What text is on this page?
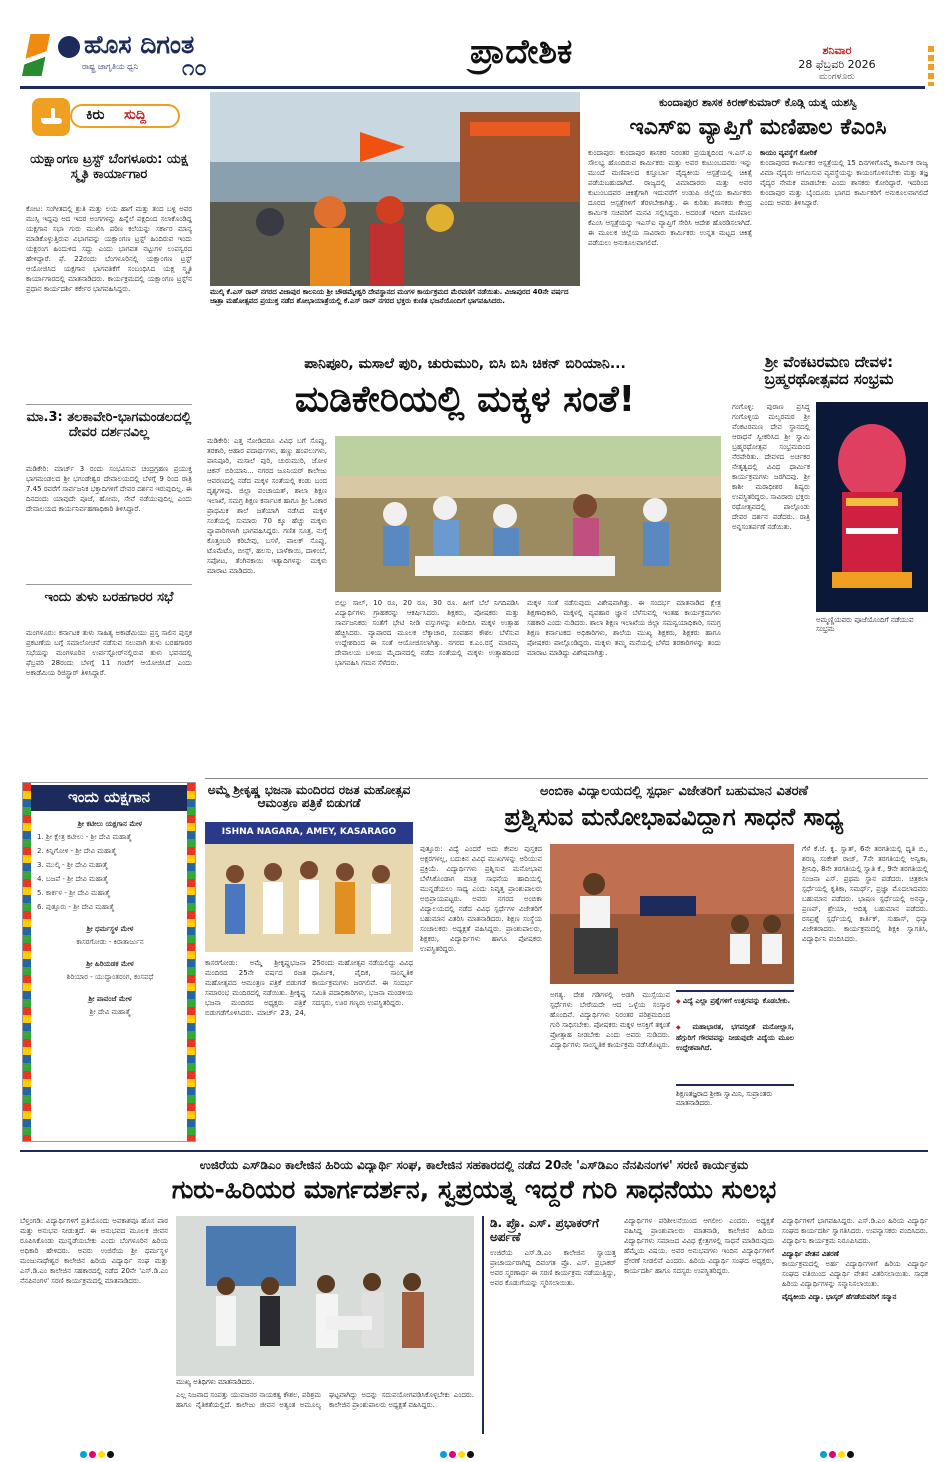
ಹೊಸ ದಿಗಂತ
ರಾಷ್ಟ್ರ ಜಾಗೃತಿಯ ಧ್ವನಿ ೧೦	ಪ್ರಾದೇಶಿಕ	ಶನಿವಾರ
28 ಫೆಬ್ರವರಿ 2026
ಮಂಗಳೂರು
ಕಿರು ಸುದ್ದಿ
ಯಕ್ಷಾಂಗಣ ಟ್ರಸ್ಟ್ ಬೆಂಗಳೂರು: ಯಕ್ಷ ಸ್ಮೃತಿ ಕಾರ್ಯಾಗಾರ
ಕೋಟ: ಸಂಗೀತದಲ್ಲಿ ಶ್ರುತಿ ಮತ್ತು ಲಯ ಹಾಗೆ ಮತ್ತು ತಂದ ಬಳ್ಳಿ ಅವರ ಮುಸ್ಸಿ ಇದ್ದವು ಅದ ಇದರ ಅಂಗಗಳನ್ನು ಹಿನ್ನೆಲೆ ಪಕ್ಷದಿಂದ ಸಲಾಕೊಂಡಿದ್ದ ಯಕ್ಷಗಾನ ಸಭಾ ಗುರು ಮುಖಿಸಿ ಪರಿಣ ಕಲೆಯನ್ನು ಸರ್ಕಾರ ಮಾನ್ಯ ಮಾಡಿಕೊಳ್ಳುತ್ತಿರುವ ವಿಭಾಗವನ್ನು ಯಕ್ಷಾಂಗಣ ಟ್ರಸ್ಟ್ ಹಿಂದಿರುವ ಇಂದು ಯಕ್ಷರಂಗ ಹಿಂದುಳಿದ ಸದ್ದು ಎಂದು ಭಾಗವತ ನಟ್ಟುಗಳ ಲುಪಸ್ವರದ ಹೇಳಿದ್ದಾರೆ. ಫೆ. 22ರಂದು ಬೆಂಗಳೂರಿನಲ್ಲಿ ಯಕ್ಷಾಂಗಣ ಟ್ರಸ್ಟ್ ಆಯೋಜಿಸಿದ ಯಕ್ಷಗಾನ ಭಾಗವತಿಕೆಗೆ ಸಂಬಂಧಿಸಿದ ಯಕ್ಷ ಸ್ಮೃತಿ ಕಾರ್ಯಾಗಾರದಲ್ಲಿ ಮಾತನಾಡಿದರು. ಕಾರ್ಯಕ್ರಮದಲ್ಲಿ ಯಕ್ಷಾಂಗಣ ಟ್ರಸ್ಟ್‌ನ ಪ್ರಧಾನ ಕಾರ್ಯದರ್ಶಿ ಕರ್ಕೇರ ಭಾಗವಹಿಸಿದ್ದರು.
ಮಾ.3: ತಲಕಾವೇರಿ-ಭಾಗಮಂಡಲದಲ್ಲಿ ದೇವರ ದರ್ಶನವಿಲ್ಲ
ಮಡಿಕೇರಿ: ಮಾರ್ಚ್ 3 ರಂದು ಸಂಭವಿಸುವ ಚಂದ್ರಗ್ರಹಣ ಪ್ರಯುಕ್ತ ಭಾಗಮಂಡಲದ ಶ್ರೀ ಭಗಂಡೇಶ್ವರ ದೇವಾಲಯದಲ್ಲಿ ಬೆಳಗ್ಗೆ 9 ರಿಂದ ರಾತ್ರಿ 7.45 ರವರೆಗೆ ಸಾರ್ವಜನಿಕ ಭಕ್ತಾದಿಗಳಿಗೆ ದೇವರ ದರ್ಶನ ಇರುವುದಿಲ್ಲ. ಈ ದಿನದಂದು ಯಾವುದೇ ಪೂಜೆ, ಹೋಮ, ಸೇವೆ ನಡೆಯುವುದಿಲ್ಲ ಎಂದು ದೇವಾಲಯದ ಕಾರ್ಯನಿರ್ವಹಣಾಧಿಕಾರಿ ತಿಳಿಸಿದ್ದಾರೆ.
ಇಂದು ತುಳು ಬರಹಗಾರರ ಸಭೆ
ಮಂಗಳೂರು: ಕರ್ನಾಟಕ ತುಳು ಸಾಹಿತ್ಯ ಅಕಾಡೆಮಿಯು ಪ್ರಸ್ತ ಸಾಲಿನ ಪುಸ್ತಕ ಪ್ರಕಟಣೆಯ ಬಗ್ಗೆ ಸಮಾಲೋಚನೆ ನಡೆಸುವ ಸಲುವಾಗಿ ತುಳು ಬರಹಗಾರರ ಸಭೆಯನ್ನು ಮಂಗಳೂರಿನ ಉರ್ವಸ್ಟೋರ್‌ನಲ್ಲಿರುವ ತುಳು ಭವನದಲ್ಲಿ ಫೆಬ್ರವರಿ 28ರಂದು ಬೆಳಗ್ಗೆ 11 ಗಂಟೆಗೆ ಆಯೋಜಿಸಿದೆ ಎಂದು ಅಕಾಡೆಮಿಯ ರಿಜಿಸ್ಟ್ರಾರ್ ತಿಳಿಸಿದ್ದಾರೆ.
ಇಂದು ಯಕ್ಷಗಾನ
ಶ್ರೀ ಕಟೀಲು ಯಕ್ಷಗಾನ ಮೇಳ
1. ಶ್ರೀ ಕ್ಷೇತ್ರ ಕಟೀಲು - ಶ್ರೀ ದೇವಿ ಮಹಾತ್ಮೆ
2. ಕಿನ್ನಿಗೋಳಿ - ಶ್ರೀ ದೇವಿ ಮಹಾತ್ಮೆ
3. ಮುಲ್ಕಿ - ಶ್ರೀ ದೇವಿ ಮಹಾತ್ಮೆ
4. ಬಜಪೆ - ಶ್ರೀ ದೇವಿ ಮಹಾತ್ಮೆ
5. ಕಾರ್ಕಳ - ಶ್ರೀ ದೇವಿ ಮಹಾತ್ಮೆ
6. ಪುತ್ತೂರು - ಶ್ರೀ ದೇವಿ ಮಹಾತ್ಮೆ
ಶ್ರೀ ಧರ್ಮಸ್ಥಳ ಮೇಳ
ಕಾಸರಗೋಡು - ಕಿರಾತಾರ್ಜುನ
ಶ್ರೀ ಹಿರಿಯಡಕ ಮೇಳ
ಶಿರಿಯಾರ - ಯುದ್ಧಾಂತರಂಗ, ಕಂಸವಧೆ
ಶ್ರೀ ಪಾವಂಜೆ ಮೇಳ
ಶ್ರೀ ದೇವಿ ಮಹಾತ್ಮೆ
ಮುಲ್ಕಿ ಕೆ.ಎಸ್ ರಾವ್ ನಗರದ ವಿಜಾಪುರ ಕಾಲನಿಯ ಶ್ರೀ ಚೌಡಮ್ಮೇಶ್ವರಿ ದೇವಸ್ಥಾನದ ಮಂಗಳ ಕಾರ್ಯಕ್ರಮದ ಮೆರವಣಿಗೆ ನಡೆಯಿತು. ವಿಜಾಪುರದ 40ನೇ ವರ್ಷದ ಜಾತ್ರಾ ಮಹೋತ್ಸವದ ಪ್ರಯುಕ್ತ ನಡೆದ ಶೋಭಾಯಾತ್ರೆಯಲ್ಲಿ ಕೆ.ಎಸ್ ರಾವ್ ನಗರದ ಭಕ್ತರು ಕುಣಿತ ಭಜನೆಯೊಂದಿಗೆ ಭಾಗವಹಿಸಿದರು.
ಕುಂದಾಪುರ ಶಾಸಕ ಕಿರಣ್‌ಕುಮಾರ್ ಕೊಡ್ಗಿ ಯತ್ನ ಯಶಸ್ವಿ
ಇಎಸ್ಐ ವ್ಯಾಪ್ತಿಗೆ ಮಣಿಪಾಲ ಕೆಎಂಸಿ
ಕುಂದಾಪುರ: ಕುಂದಾಪುರ ಶಾಸಕರ ನಿರಂತರ ಪ್ರಯತ್ನದಿಂದ ಇ.ಎಸ್.ಐ ಸೌಲಭ್ಯ ಹೊಂದಿರುವ ಕಾರ್ಮಿಕರು ಮತ್ತು ಅವರ ಕುಟುಂಬದವರು ಇನ್ನು ಮುಂದೆ ಮಣಿಪಾಲದ ಕಸ್ತೂರ್ಬಾ ವೈದ್ಯಕೀಯ ಆಸ್ಪತ್ರೆಯಲ್ಲಿ ಚಿಕಿತ್ಸೆ ಪಡೆಯಬಹುದಾಗಿದೆ. ರಾಜ್ಯದಲ್ಲಿ ವಿಮಾದಾರರು ಮತ್ತು ಅವರ ಕುಟುಂಬದವರ ಚಿಕಿತ್ಸೆಗಾಗಿ ಇದುವರೆಗೆ ಉಡುಪಿ ಜಿಲ್ಲೆಯ ಕಾರ್ಮಿಕರು ದೂರದ ಆಸ್ಪತ್ರೆಗಳಿಗೆ ತೆರಳಬೇಕಾಗಿತ್ತು. ಈ ಕುರಿತು ಶಾಸಕರು ಕೇಂದ್ರ ಕಾರ್ಮಿಕ ಸಚಿವರಿಗೆ ಮನವಿ ಸಲ್ಲಿಸಿದ್ದರು. ಅದರಂತೆ ಇದೀಗ ಮಣಿಪಾಲ ಕೆಎಂಸಿ ಆಸ್ಪತ್ರೆಯನ್ನು ಇಎಸ್ಐ ವ್ಯಾಪ್ತಿಗೆ ಸೇರಿಸಿ ಆದೇಶ ಹೊರಡಿಸಲಾಗಿದೆ. ಈ ಮೂಲಕ ಜಿಲ್ಲೆಯ ಸಾವಿರಾರು ಕಾರ್ಮಿಕರು ಉನ್ನತ ಮಟ್ಟದ ಚಿಕಿತ್ಸೆ ಪಡೆಯಲು ಅನುಕೂಲವಾಗಲಿದೆ.
ಕಾಯಂ ವ್ಯವಸ್ಥೆಗೆ ಕೋರಿಕೆ
ಕುಂದಾಪುರದ ಕಾರ್ಮಿಕರ ಆಸ್ಪತ್ರೆಯಲ್ಲಿ 15 ದಿನಗಳಿಗೊಮ್ಮೆ ಕಾರ್ಮಿಕ ರಾಜ್ಯ ವಿಮಾ ವೈದ್ಯರು ಆಗಮಿಸುವ ವ್ಯವಸ್ಥೆಯನ್ನು ಕಾಯಂಗೊಳಿಸಬೇಕು ಮತ್ತು ತಜ್ಞ ವೈದ್ಯರ ನೇಮಕ ಮಾಡಬೇಕು ಎಂದು ಶಾಸಕರು ಕೋರಿದ್ದಾರೆ. ಇದರಿಂದ ಕುಂದಾಪುರ ಮತ್ತು ಬೈಂದೂರು ಭಾಗದ ಕಾರ್ಮಿಕರಿಗೆ ಅನುಕೂಲವಾಗಲಿದೆ ಎಂದು ಅವರು ತಿಳಿಸಿದ್ದಾರೆ.
ಪಾನಿಪೂರಿ, ಮಸಾಲೆ ಪುರಿ, ಚುರುಮುರಿ, ಬಿಸಿ ಬಿಸಿ ಚಿಕನ್ ಬಿರಿಯಾನಿ...
ಮಡಿಕೇರಿಯಲ್ಲಿ ಮಕ್ಕಳ ಸಂತೆ!
ಮಡಿಕೇರಿ: ಎತ್ತ ನೋಡಿದರೂ ವಿವಿಧ ಬಗೆ ಸೊಪ್ಪು, ತರಕಾರಿ, ಆಹಾರ ಪದಾರ್ಥಗಳು, ಹಣ್ಣು ಹಂಪಲುಗಳು, ಪಾನಿಪೂರಿ, ಮಸಾಲೆ ಪುರಿ, ಚುರುಮುರಿ, ಜೋಳ ಚಿಕನ್ ಬಿರಿಯಾನಿ... ನಗರದ ಜೂನಿಯರ್ ಕಾಲೇಜು ಆವರಣದಲ್ಲಿ ನಡೆದ ಮಕ್ಕಳ ಸಂತೆಯಲ್ಲಿ ಕಂಡು ಬಂದ ದೃಶ್ಯಗಳಿವು. ಜಿಲ್ಲಾ ಪಂಚಾಯತ್, ಶಾಲಾ ಶಿಕ್ಷಣ ಇಲಾಖೆ, ಸಮಗ್ರ ಶಿಕ್ಷಣ ಕರ್ನಾಟಕ ಹಾಗೂ ಶ್ರೀ ಓಂಕಾರ ಪ್ರಾಥಮಿಕ ಶಾಲೆ ಜತೆಯಾಗಿ ನಡೆಸಿದ ಮಕ್ಕಳ ಸಂತೆಯಲ್ಲಿ ಸುಮಾರು 70 ಕ್ಕೂ ಹೆಚ್ಚು ಮಕ್ಕಳು ವ್ಯಾಪಾರಿಗಳಾಗಿ ಭಾಗವಹಿಸಿದ್ದರು. ಗಣಿತ ಸೂತ್ರ, ನುಗ್ಗೆ ಕೊತ್ತಂಬರಿ ಕರಿಬೇವು, ಬಸಳೆ, ಪಾಲಕ್ ಸೊಪ್ಪು, ಟೊಮೆಟೊ, ಬೀನ್ಸ್, ಹಲಸು, ಬಾಳೆಕಾಯಿ, ದಾಳಿಂಬೆ, ಸಪೋಟ, ತೆಂಗಿನಕಾಯಿ ಇತ್ಯಾದಿಗಳನ್ನು ಮಕ್ಕಳು ಮಾರಾಟ ಮಾಡಿದರು.
ಬಿಲ್ಲು ಸಾಲ್, 10 ರೂ, 20 ರೂ, 30 ರೂ. ಹೀಗೆ ಬೆಲೆ ನಿಗದಿಪಡಿಸಿ ವಿದ್ಯಾರ್ಥಿಗಳು ಗ್ರಾಹಕರನ್ನು ಆಕರ್ಷಿಸಿದರು. ಶಿಕ್ಷಕರು, ಪೋಷಕರು ಮತ್ತು ಸಾರ್ವಜನಿಕರು ಸಂತೆಗೆ ಭೇಟಿ ನೀಡಿ ವಸ್ತುಗಳನ್ನು ಖರೀದಿಸಿ ಮಕ್ಕಳ ಉತ್ಸಾಹ ಹೆಚ್ಚಿಸಿದರು. ವ್ಯಾಪಾರದ ಮೂಲಕ ಲೆಕ್ಕಾಚಾರ, ಸಂವಹನ ಕೌಶಲ ಬೆಳೆಸುವ ಉದ್ದೇಶದಿಂದ ಈ ಸಂತೆ ಆಯೋಜಿಸಲಾಗಿತ್ತು. ನಗರದ ಕ.ಎಂ.ರಸ್ತೆ ಮಾರಮ್ಮ ದೇವಾಲಯ ಬಳಿಯ ಮೈದಾನದಲ್ಲಿ ನಡೆದ ಸಂತೆಯಲ್ಲಿ ಮಕ್ಕಳು ಉತ್ಸಾಹದಿಂದ ಭಾಗವಹಿಸಿ ಗಮನ ಸೆಳೆದರು.
ಮಕ್ಕಳ ಸಂತೆ ನಡೆಸುವುದು ವಿಶೇಷವಾಗಿತ್ತು. ಈ ಸಂದರ್ಭ ಮಾತನಾಡಿದ ಕ್ಷೇತ್ರ ಶಿಕ್ಷಣಾಧಿಕಾರಿ, ಮಕ್ಕಳಲ್ಲಿ ವ್ಯವಹಾರ ಜ್ಞಾನ ಬೆಳೆಸುವಲ್ಲಿ ಇಂತಹ ಕಾರ್ಯಕ್ರಮಗಳು ಸಹಕಾರಿ ಎಂದು ನುಡಿದರು. ಶಾಲಾ ಶಿಕ್ಷಣ ಇಲಾಖೆಯ ಜಿಲ್ಲಾ ಸಮನ್ವಯಾಧಿಕಾರಿ, ಸಮಗ್ರ ಶಿಕ್ಷಣ ಕರ್ನಾಟಕದ ಅಧಿಕಾರಿಗಳು, ಶಾಲೆಯ ಮುಖ್ಯ ಶಿಕ್ಷಕರು, ಶಿಕ್ಷಕರು ಹಾಗೂ ಪೋಷಕರು ಪಾಲ್ಗೊಂಡಿದ್ದರು. ಮಕ್ಕಳು ತಮ್ಮ ಮನೆಯಲ್ಲಿ ಬೆಳೆದ ತರಕಾರಿಗಳನ್ನು ತಂದು ಮಾರಾಟ ಮಾಡಿದ್ದು ವಿಶೇಷವಾಗಿತ್ತು.
ಶ್ರೀ ವೆಂಕಟರಮಣ ದೇವಳ: ಬ್ರಹ್ಮರಥೋತ್ಸವದ ಸಂಭ್ರಮ
ಗಂಗೊಳ್ಳಿ: ಪುರಾಣ ಪ್ರಸಿದ್ಧ ಗಂಗೊಳ್ಳಿಯ ಮಲ್ಯರಮಠ ಶ್ರೀ ವೆಂಕಟರಮಣ ದೇವ ಸ್ಥಾನದಲ್ಲಿ ಆರಾಧನೆ ಸ್ವೀಕರಿಸಿದ ಶ್ರೀ ಸ್ವಾಮಿ ಬ್ರಹ್ಮರಥೋತ್ಸವ ಸಂಭ್ರಮದಿಂದ ನೆರವೇರಿತು. ದೇವಳದ ಅರ್ಚಕರ ನೇತೃತ್ವದಲ್ಲಿ ವಿವಿಧ ಧಾರ್ಮಿಕ ಕಾರ್ಯಕ್ರಮಗಳು ಜರಗಿದವು. ಶ್ರೀ ಕಾಶೀ ಮಠಾಧೀಶರ ಶಿಷ್ಯರು ಉಪಸ್ಥಿತರಿದ್ದರು. ಸಾವಿರಾರು ಭಕ್ತರು ರಥೋತ್ಸವದಲ್ಲಿ ಪಾಲ್ಗೊಂಡು ದೇವರ ದರ್ಶನ ಪಡೆದರು. ರಾತ್ರಿ ಅನ್ನಸಂತರ್ಪಣೆ ನಡೆಯಿತು.
ಅಮ್ಮಣ್ಣಿಯವರು ಪೂಜೆಯೊಂದಿಗೆ ನಡೆಯುವ ಸಂಭ್ರಮ
ಅಮ್ಮೆ ಶ್ರೀಕೃಷ್ಣ ಭಜನಾ ಮಂದಿರದ ರಜತ ಮಹೋತ್ಸವ ಆಮಂತ್ರಣ ಪತ್ರಿಕೆ ಬಿಡುಗಡೆ
ISHNA NAGARA, AMEY, KASARAGO
ಕಾಸರಗೋಡು: ಅಮ್ಮೆ ಶ್ರೀಕೃಷ್ಣಭಜನಾ ಮಂದಿರದ 25ನೇ ವರ್ಷದ ರಜತ ಮಹೋತ್ಸವದ ಆಮಂತ್ರಣ ಪತ್ರಿಕೆ ಬಿಡುಗಡೆ ಸಮಾರಂಭ ಮಂದಿರದಲ್ಲಿ ನಡೆಯಿತು. ಶ್ರೀಕೃಷ್ಣ ಭಜನಾ ಮಂದಿರದ ಅಧ್ಯಕ್ಷರು ಪತ್ರಿಕೆ ಬಿಡುಗಡೆಗೊಳಿಸಿದರು. ಮಾರ್ಚ್ 23, 24, 25ರಂದು ಮಹೋತ್ಸವ ನಡೆಯಲಿದ್ದು ವಿವಿಧ ಧಾರ್ಮಿಕ, ವೈದಿಕ, ಸಾಂಸ್ಕೃತಿಕ ಕಾರ್ಯಕ್ರಮಗಳು ಜರಗಲಿವೆ. ಈ ಸಂದರ್ಭ ಸಮಿತಿ ಪದಾಧಿಕಾರಿಗಳು, ಭಜನಾ ಮಂಡಳಿಯ ಸದಸ್ಯರು, ಊರ ಗಣ್ಯರು ಉಪಸ್ಥಿತರಿದ್ದರು.
ಅಂಬಿಕಾ ವಿದ್ಯಾಲಯದಲ್ಲಿ ಸ್ಪರ್ಧಾ ವಿಜೇತರಿಗೆ ಬಹುಮಾನ ವಿತರಣೆ
ಪ್ರಶ್ನಿಸುವ ಮನೋಭಾವವಿದ್ದಾಗ ಸಾಧನೆ ಸಾಧ್ಯ
ಪುತ್ತೂರು: ವಿದ್ಯೆ ಎಂದರೆ ಅದು ಕೇವಲ ಪುಸ್ತಕದ ಅಕ್ಷರಗಳಲ್ಲ, ಬದುಕಿನ ವಿವಿಧ ಮುಖಗಳನ್ನು ಅರಿಯುವ ಪ್ರಕ್ರಿಯೆ. ವಿದ್ಯಾರ್ಥಿಗಳು ಪ್ರಶ್ನಿಸುವ ಮನೋಭಾವ ಬೆಳೆಸಿಕೊಂಡಾಗ ಮಾತ್ರ ಸಾಧನೆಯ ಹಾದಿಯಲ್ಲಿ ಮುನ್ನಡೆಯಲು ಸಾಧ್ಯ ಎಂದು ನಿವೃತ್ತ ಪ್ರಾಂಶುಪಾಲರು ಅಭಿಪ್ರಾಯಪಟ್ಟರು. ಅವರು ನಗರದ ಅಂಬಿಕಾ ವಿದ್ಯಾಲಯದಲ್ಲಿ ನಡೆದ ವಿವಿಧ ಸ್ಪರ್ಧೆಗಳ ವಿಜೇತರಿಗೆ ಬಹುಮಾನ ವಿತರಿಸಿ ಮಾತನಾಡಿದರು. ಶಿಕ್ಷಣ ಸಂಸ್ಥೆಯ ಸಂಚಾಲಕರು ಅಧ್ಯಕ್ಷತೆ ವಹಿಸಿದ್ದರು. ಪ್ರಾಂಶುಪಾಲರು, ಶಿಕ್ಷಕರು, ವಿದ್ಯಾರ್ಥಿಗಳು ಹಾಗೂ ಪೋಷಕರು ಉಪಸ್ಥಿತರಿದ್ದರು.
ಅಗತ್ಯ. ದೇಶ ಗಡಿಗಳಲ್ಲಿ ಅಡಗಿ ಮುಸ್ಸೆಯುವ ಸ್ಪರ್ಧೆಗಳು ಬೇರೆಯದೇ ಆದ ಒಳ್ಳೆಯ ಸಂಸ್ಕಾರ ಹೊಂದಿವೆ. ವಿದ್ಯಾರ್ಥಿಗಳು ನಿರಂತರ ಪರಿಶ್ರಮದಿಂದ ಗುರಿ ಸಾಧಿಸಬೇಕು. ಪೋಷಕರು ಮಕ್ಕಳ ಆಸಕ್ತಿಗೆ ತಕ್ಕಂತೆ ಪ್ರೋತ್ಸಾಹ ನೀಡಬೇಕು ಎಂದು ಅವರು ನುಡಿದರು. ವಿದ್ಯಾರ್ಥಿಗಳು ಸಾಂಸ್ಕೃತಿಕ ಕಾರ್ಯಕ್ರಮ ನಡೆಸಿಕೊಟ್ಟರು.
◆ ವಿದ್ಯೆ ಎಲ್ಲಾ ಪ್ರಶ್ನೆಗಳಿಗೆ ಉತ್ತರವನ್ನು ಕೊಡಬೇಕು.
◆ ಮಹಾಭಾರತ, ಭಗವದ್ಗೀತೆ ಮನೋಲ್ಲಾಸ, ಹೆಗ್ಗುರಿಗೆ ಗೌರವವನ್ನು ನೀಡುವುದೇ ವಿದ್ಯೆಯ ಮೂಲ ಉದ್ದೇಶವಾಗಿದೆ.
ಶಿಕ್ಷಣತಜ್ಞರಾದ ಶ್ರೀಕಾ ಸ್ವಾಮಿನಿ, ಸುಪ್ರಾಂತರು ಮಾತನಾಡಿದರು.
ಗೆಳೆ ಕೆ.ಜೆ. ಕೃ. ಸ್ವಾತ್, 6ನೇ ತರಗತಿಯಲ್ಲಿ ಧೃತಿ ಬಿ., ಶರಣ್ಯ ಸಂಕೇತ್ ರಾಜ್, 7ನೇ ತರಗತಿಯಲ್ಲಿ ಅನ್ವಿಕಾ, ಶ್ರೀನಿಧಿ, 8ನೇ ತರಗತಿಯಲ್ಲಿ ಸ್ವಾತಿ ಕೆ., 9ನೇ ತರಗತಿಯಲ್ಲಿ ಸಂಜನಾ ಎಸ್. ಪ್ರಥಮ ಸ್ಥಾನ ಪಡೆದರು. ಚಿತ್ರಕಲಾ ಸ್ಪರ್ಧೆಯಲ್ಲಿ ಕೃತಿಕಾ, ಸಮರ್ಥ್, ಪ್ರಜ್ಞಾ ಮೊದಲಾದವರು ಬಹುಮಾನ ಪಡೆದರು. ಭಾಷಣ ಸ್ಪರ್ಧೆಯಲ್ಲಿ ಅನನ್ಯಾ, ಪ್ರಣವ್, ಶ್ರೇಯಾ, ಆದಿತ್ಯ ಬಹುಮಾನ ಪಡೆದರು. ರಸಪ್ರಶ್ನೆ ಸ್ಪರ್ಧೆಯಲ್ಲಿ ಕಾರ್ತಿಕ್, ಸುಹಾಸ್, ಧನ್ಯಾ ವಿಜೇತರಾದರು. ಕಾರ್ಯಕ್ರಮದಲ್ಲಿ ಶಿಕ್ಷಕಿ ಸ್ವಾಗತಿಸಿ, ವಿದ್ಯಾರ್ಥಿನಿ ವಂದಿಸಿದರು.
ಉಜಿರೆಯ ಎಸ್‌ಡಿಎಂ ಕಾಲೇಜಿನ ಹಿರಿಯ ವಿದ್ಯಾರ್ಥಿ ಸಂಘ, ಕಾಲೇಜಿನ ಸಹಕಾರದಲ್ಲಿ ನಡೆದ 20ನೇ 'ಎಸ್‌ಡಿಎಂ ನೆನಪಿನಂಗಳ' ಸರಣಿ ಕಾರ್ಯಕ್ರಮ
ಗುರು-ಹಿರಿಯರ ಮಾರ್ಗದರ್ಶನ, ಸ್ವಪ್ರಯತ್ನ ಇದ್ದರೆ ಗುರಿ ಸಾಧನೆಯು ಸುಲಭ
ಬೆಳ್ತಂಗಡಿ: ವಿದ್ಯಾರ್ಥಿಗಳಿಗೆ ಪ್ರತಿಯೊಂದು ಅವಕಾಶವೂ ಹೊಸ ಪಾಠ ಮತ್ತು ಅನುಭವ ನೀಡುತ್ತದೆ. ಈ ಅನುಭವದ ಮೂಲಕ ಜೀವನ ರೂಪಿಸಿಕೊಂಡು ಮುನ್ನಡೆಯಬೇಕು ಎಂದು ಬೆಂಗಳೂರಿನ ಹಿರಿಯ ಅಧಿಕಾರಿ ಹೇಳಿದರು. ಅವರು ಉಜಿರೆಯ ಶ್ರೀ ಧರ್ಮಸ್ಥಳ ಮಂಜುನಾಥೇಶ್ವರ ಕಾಲೇಜಿನ ಹಿರಿಯ ವಿದ್ಯಾರ್ಥಿ ಸಂಘ ಮತ್ತು ಎಸ್.ಡಿ.ಎಂ ಕಾಲೇಜಿನ ಸಹಕಾರದಲ್ಲಿ ನಡೆದ 20ನೇ 'ಎಸ್.ಡಿ.ಎಂ ನೆನಪಿನಂಗಳ' ಸರಣಿ ಕಾರ್ಯಕ್ರಮದಲ್ಲಿ ಮಾತನಾಡಿದರು.
ಮುಖ್ಯ ಅತಿಥಿಗಳು ಮಾತನಾಡಿದರು.
ಎಲ್ಲ ನಿಜವಾದ ಸಂಪತ್ತು ಯುವಜನರ ನಾಯಕತ್ವ ಕೌಶಲ, ಪರಿಶ್ರಮ ಹಾಗೂ ನೈತಿಕತೆಯಲ್ಲಿದೆ. ಕಾಲೇಜು ಜೀವನ ಅತ್ಯಂತ ಅಮೂಲ್ಯ ಘಟ್ಟವಾಗಿದ್ದು ಅದನ್ನು ಸದುಪಯೋಗಪಡಿಸಿಕೊಳ್ಳಬೇಕು ಎಂದರು. ಕಾಲೇಜಿನ ಪ್ರಾಂಶುಪಾಲರು ಅಧ್ಯಕ್ಷತೆ ವಹಿಸಿದ್ದರು.
ಡಿ. ಪ್ರೊ. ಎಸ್. ಪ್ರಭಾಕರ್‌ಗೆ ಅರ್ಪಣೆ
ಉಜಿರೆಯ ಎಸ್.ಡಿ.ಎಂ ಕಾಲೇಜಿನ ಸ್ವಾಯತ್ತ ಪ್ರಾಚಾರ್ಯರಾಗಿದ್ದ ದಿವಂಗತ ಪ್ರೊ. ಎಸ್. ಪ್ರಭಾಕರ್ ಅವರ ಸ್ಮರಣಾರ್ಥ ಈ ಸರಣಿ ಕಾರ್ಯಕ್ರಮ ನಡೆಯುತ್ತಿದ್ದು, ಅವರ ಕೊಡುಗೆಯನ್ನು ಸ್ಮರಿಸಲಾಯಿತು.
ವಿದ್ಯಾರ್ಥಿಗಳ ಪರಿಶೀಲನೆಯಿಂದ ಆಗಲೀಲ ಎಂದರು. ಅಧ್ಯಕ್ಷತೆ ವಹಿಸಿದ್ದ ಪ್ರಾಂಶುಪಾಲರು ಮಾತನಾಡಿ, ಕಾಲೇಜಿನ ಹಿರಿಯ ವಿದ್ಯಾರ್ಥಿಗಳು ಸಮಾಜದ ವಿವಿಧ ಕ್ಷೇತ್ರಗಳಲ್ಲಿ ಸಾಧನೆ ಮಾಡಿರುವುದು ಹೆಮ್ಮೆಯ ವಿಷಯ. ಅವರ ಅನುಭವಗಳು ಇಂದಿನ ವಿದ್ಯಾರ್ಥಿಗಳಿಗೆ ಪ್ರೇರಣೆ ನೀಡಲಿವೆ ಎಂದರು. ಹಿರಿಯ ವಿದ್ಯಾರ್ಥಿ ಸಂಘದ ಅಧ್ಯಕ್ಷರು, ಕಾರ್ಯದರ್ಶಿ ಹಾಗೂ ಸದಸ್ಯರು ಉಪಸ್ಥಿತರಿದ್ದರು.
ವಿದ್ಯಾರ್ಥಿಗಳಿಗೆ ಭಾಗವಹಿಸಿದ್ದರು. ಎಸ್.ಡಿ.ಎಂ ಹಿರಿಯ ವಿದ್ಯಾರ್ಥಿ ಸಂಘದ ಕಾರ್ಯದರ್ಶಿ ಸ್ವಾಗತಿಸಿದರು. ಉಪನ್ಯಾಸಕರು ವಂದಿಸಿದರು. ವಿದ್ಯಾರ್ಥಿನಿ ಕಾರ್ಯಕ್ರಮ ನಿರೂಪಿಸಿದರು.
ವಿದ್ಯಾರ್ಥಿ ವೇತನ ವಿತರಣೆ
ಕಾರ್ಯಕ್ರಮದಲ್ಲಿ ಅರ್ಹ ವಿದ್ಯಾರ್ಥಿಗಳಿಗೆ ಹಿರಿಯ ವಿದ್ಯಾರ್ಥಿ ಸಂಘದ ವತಿಯಿಂದ ವಿದ್ಯಾರ್ಥಿ ವೇತನ ವಿತರಿಸಲಾಯಿತು. ಸಾಧಕ ಹಿರಿಯ ವಿದ್ಯಾರ್ಥಿಗಳನ್ನು ಸನ್ಮಾನಿಸಲಾಯಿತು.
ವೈದ್ಯಕೀಯ ವಿದ್ಯಾ. ಭಾಸ್ಕರ್ ಹೆಗಡೆಯವರಿಗೆ ಸನ್ಮಾನ
